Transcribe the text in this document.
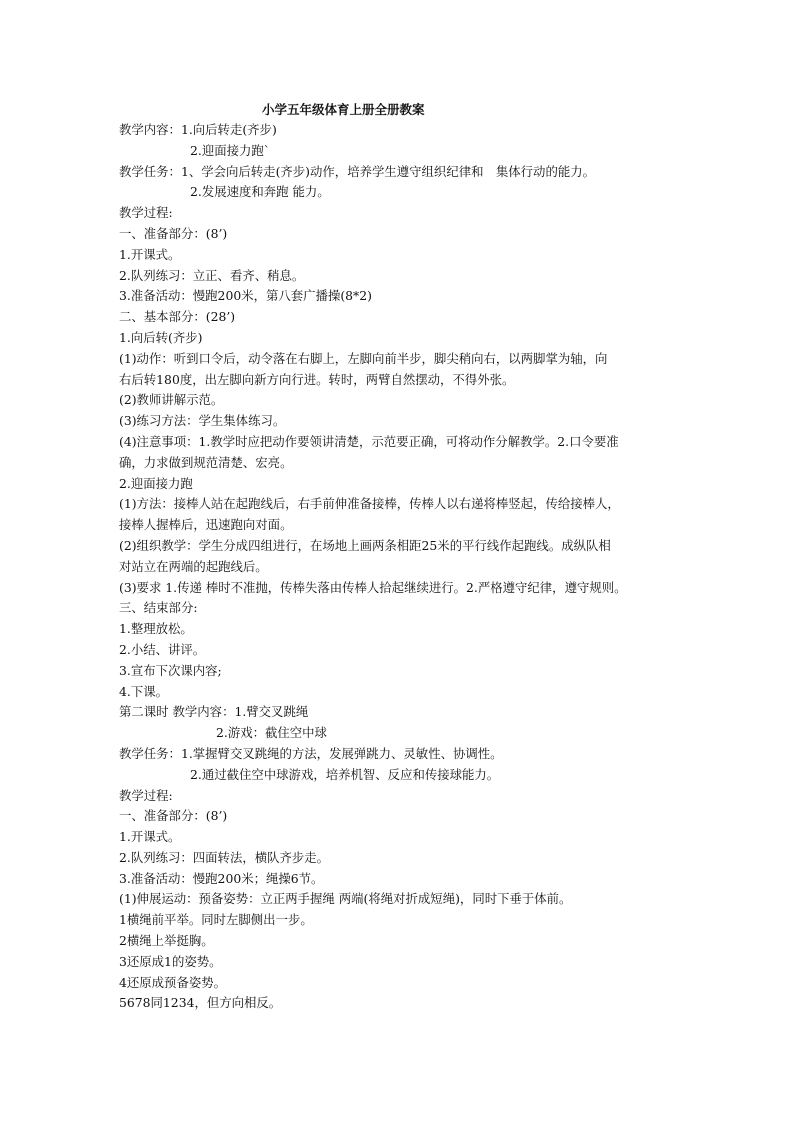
小学五年级体育上册全册教案
教学内容：1.向后转走(齐步)
2.迎面接力跑`
教学任务：1、学会向后转走(齐步)动作，培养学生遵守组织纪律和　集体行动的能力。
2.发展速度和奔跑 能力。
教学过程:
一、准备部分：(8’)
1.开课式。
2.队列练习：立正、看齐、稍息。
3.准备活动：慢跑200米，第八套广播操(8*2)
二、基本部分：(28’)
1.向后转(齐步)
(1)动作：听到口令后，动令落在右脚上，左脚向前半步，脚尖稍向右，以两脚掌为轴，向
右后转180度，出左脚向新方向行进。转时，两臂自然摆动，不得外张。
(2)教师讲解示范。
(3)练习方法：学生集体练习。
(4)注意事项：1.教学时应把动作要领讲清楚，示范要正确，可将动作分解教学。2.口令要准
确，力求做到规范清楚、宏亮。
2.迎面接力跑
(1)方法：接棒人站在起跑线后，右手前伸准备接棒，传棒人以右递将棒竖起，传给接棒人，
接棒人握棒后，迅速跑向对面。
(2)组织教学：学生分成四组进行，在场地上画两条相距25米的平行线作起跑线。成纵队相
对站立在两端的起跑线后。
(3)要求 1.传递 棒时不准抛，传棒失落由传棒人拾起继续进行。2.严格遵守纪律，遵守规则。
三、结束部分:
1.整理放松。
2.小结、讲评。
3.宣布下次课内容;
4.下课。
第二课时 教学内容：1.臂交叉跳绳
2.游戏：截住空中球
教学任务：1.掌握臂交叉跳绳的方法，发展弹跳力、灵敏性、协调性。
2.通过截住空中球游戏，培养机智、反应和传接球能力。
教学过程:
一、准备部分：(8’)
1.开课式。
2.队列练习：四面转法，横队齐步走。
3.准备活动：慢跑200米；绳操6节。
(1)伸展运动：预备姿势：立正两手握绳 两端(将绳对折成短绳)，同时下垂于体前。
1横绳前平举。同时左脚侧出一步。
2横绳上举挺胸。
3还原成1的姿势。
4还原成预备姿势。
5678同1234，但方向相反。
